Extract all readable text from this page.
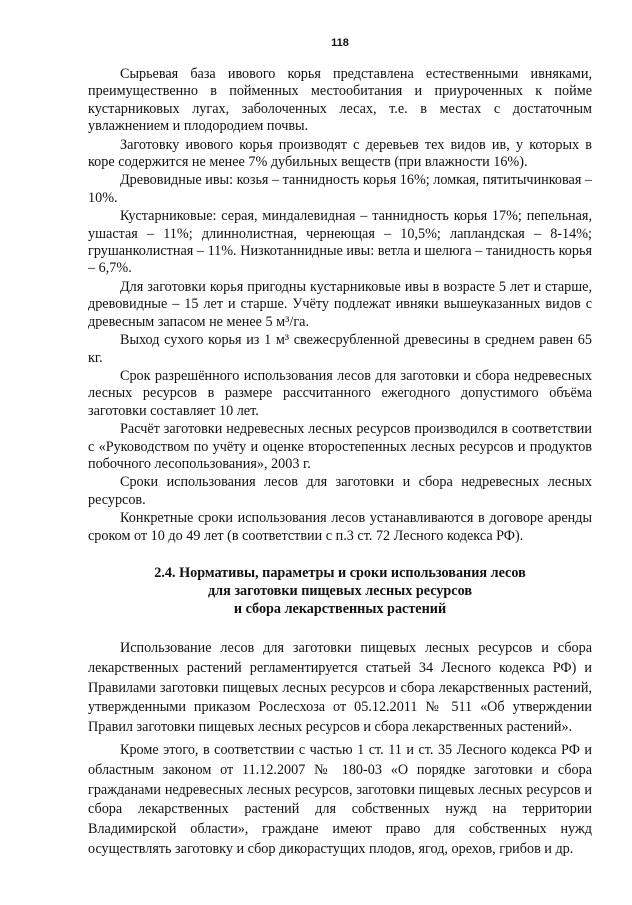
118

Сырьевая база ивового корья представлена естественными ивняками, преимущественно в пойменных местообитания и приуроченных к пойме кустарниковых лугах, заболоченных лесах, т.е. в местах с достаточным увлажнением и плодородием почвы.

Заготовку ивового корья производят с деревьев тех видов ив, у которых в коре содержится не менее 7% дубильных веществ (при влажности 16%).

Древовидные ивы: козья – таннидность корья 16%; ломкая, пятитычинковая – 10%.

Кустарниковые: серая, миндалевидная – таннидность корья 17%; пепельная, ушастая – 11%; длиннолистная, чернеющая – 10,5%; лапландская – 8-14%; грушанколистная – 11%. Низкотаннидные ивы: ветла и шелюга – танидность корья – 6,7%.

Для заготовки корья пригодны кустарниковые ивы в возрасте 5 лет и старше, древовидные – 15 лет и старше. Учёту подлежат ивняки вышеуказанных видов с древесным запасом не менее 5 м³/га.

Выход сухого корья из 1 м³ свежесрубленной древесины в среднем равен 65 кг.

Срок разрешённого использования лесов для заготовки и сбора недревесных лесных ресурсов в размере рассчитанного ежегодного допустимого объёма заготовки составляет 10 лет.

Расчёт заготовки недревесных лесных ресурсов производился в соответствии с «Руководством по учёту и оценке второстепенных лесных ресурсов и продуктов побочного лесопользования», 2003 г.

Сроки использования лесов для заготовки и сбора недревесных лесных ресурсов.

Конкретные сроки использования лесов устанавливаются в договоре аренды сроком от 10 до 49 лет (в соответствии с п.3 ст. 72 Лесного кодекса РФ).

2.4. Нормативы, параметры и сроки использования лесов
для заготовки пищевых лесных ресурсов
и сбора лекарственных растений

Использование лесов для заготовки пищевых лесных ресурсов и сбора лекарственных растений регламентируется статьей 34 Лесного кодекса РФ) и Правилами заготовки пищевых лесных ресурсов и сбора лекарственных растений, утвержденными приказом Рослесхоза от 05.12.2011 № 511 «Об утверждении Правил заготовки пищевых лесных ресурсов и сбора лекарственных растений».

Кроме этого, в соответствии с частью 1 ст. 11 и ст. 35 Лесного кодекса РФ и областным законом от 11.12.2007 № 180-03 «О порядке заготовки и сбора гражданами недревесных лесных ресурсов, заготовки пищевых лесных ресурсов и сбора лекарственных растений для собственных нужд на территории Владимирской области», граждане имеют право для собственных нужд осуществлять заготовку и сбор дикорастущих плодов, ягод, орехов, грибов и др.
